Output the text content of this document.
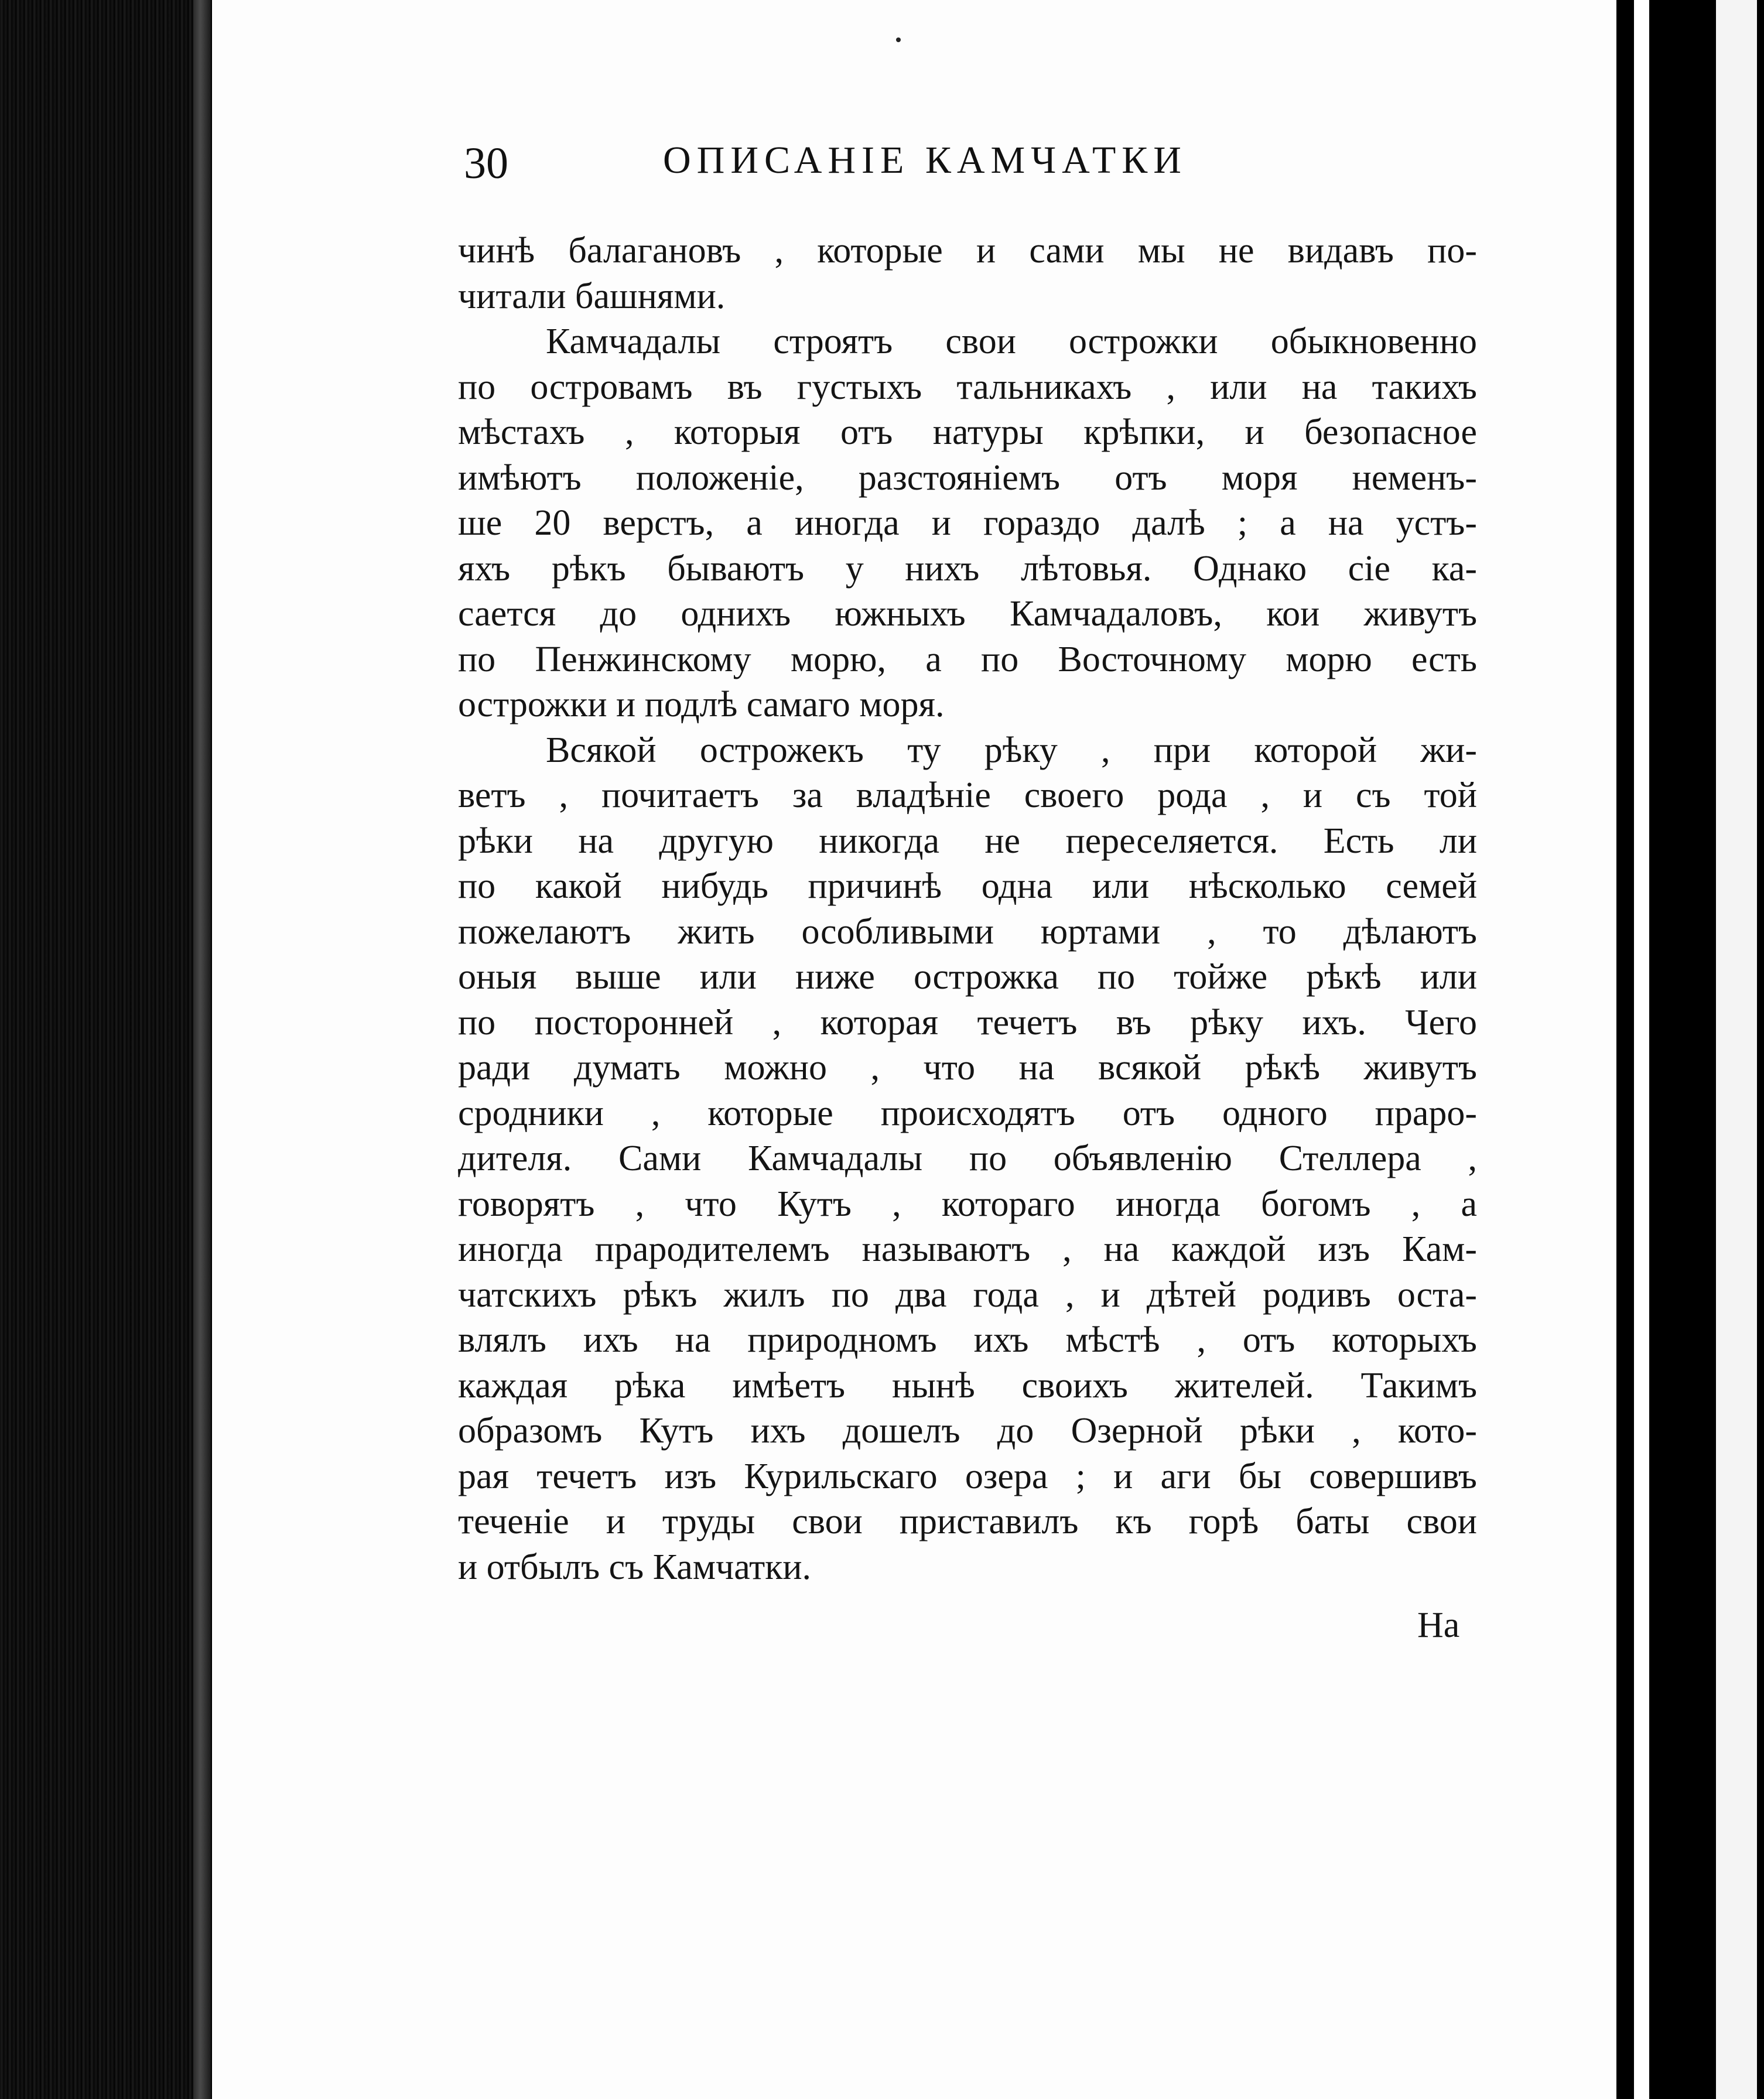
30	ОПИСАНІЕ КАМЧАТКИ
чинѣ балагановъ , которые и сами мы не видавъ по-
читали башнями.
Камчадалы строятъ свои острожки обыкновенно
по островамъ въ густыхъ тальникахъ , или на такихъ
мѣстахъ , которыя отъ натуры крѣпки, и безопасное
имѣютъ положеніе, разстояніемъ отъ моря неменъ-
ше 20 верстъ, а иногда и гораздо далѣ ; а на устъ-
яхъ рѣкъ бываютъ у нихъ лѣтовья. Однако сіе ка-
сается до однихъ южныхъ Камчадаловъ, кои живутъ
по Пенжинскому морю, а по Восточному морю есть
острожки и подлѣ самаго моря.
Всякой острожекъ ту рѣку , при которой жи-
ветъ , почитаетъ за владѣніе своего рода , и съ той
рѣки на другую никогда не переселяется. Есть ли
по какой нибудь причинѣ одна или нѣсколько семей
пожелаютъ жить особливыми юртами , то дѣлаютъ
оныя выше или ниже острожка по тойже рѣкѣ или
по посторонней , которая течетъ въ рѣку ихъ. Чего
ради думать можно , что на всякой рѣкѣ живутъ
сродники , которые происходятъ отъ одного праро-
дителя. Сами Камчадалы по объявленію Стеллера ,
говорятъ , что Кутъ , котораго иногда богомъ , а
иногда прародителемъ называютъ , на каждой изъ Кам-
чатскихъ рѣкъ жилъ по два года , и дѣтей родивъ оста-
влялъ ихъ на природномъ ихъ мѣстѣ , отъ которыхъ
каждая рѣка имѣетъ нынѣ своихъ жителей. Такимъ
образомъ Кутъ ихъ дошелъ до Озерной рѣки , кото-
рая течетъ изъ Курильскаго озера ; и аги бы совершивъ
теченіе и труды свои приставилъ къ горѣ баты свои
и отбылъ съ Камчатки.
На
